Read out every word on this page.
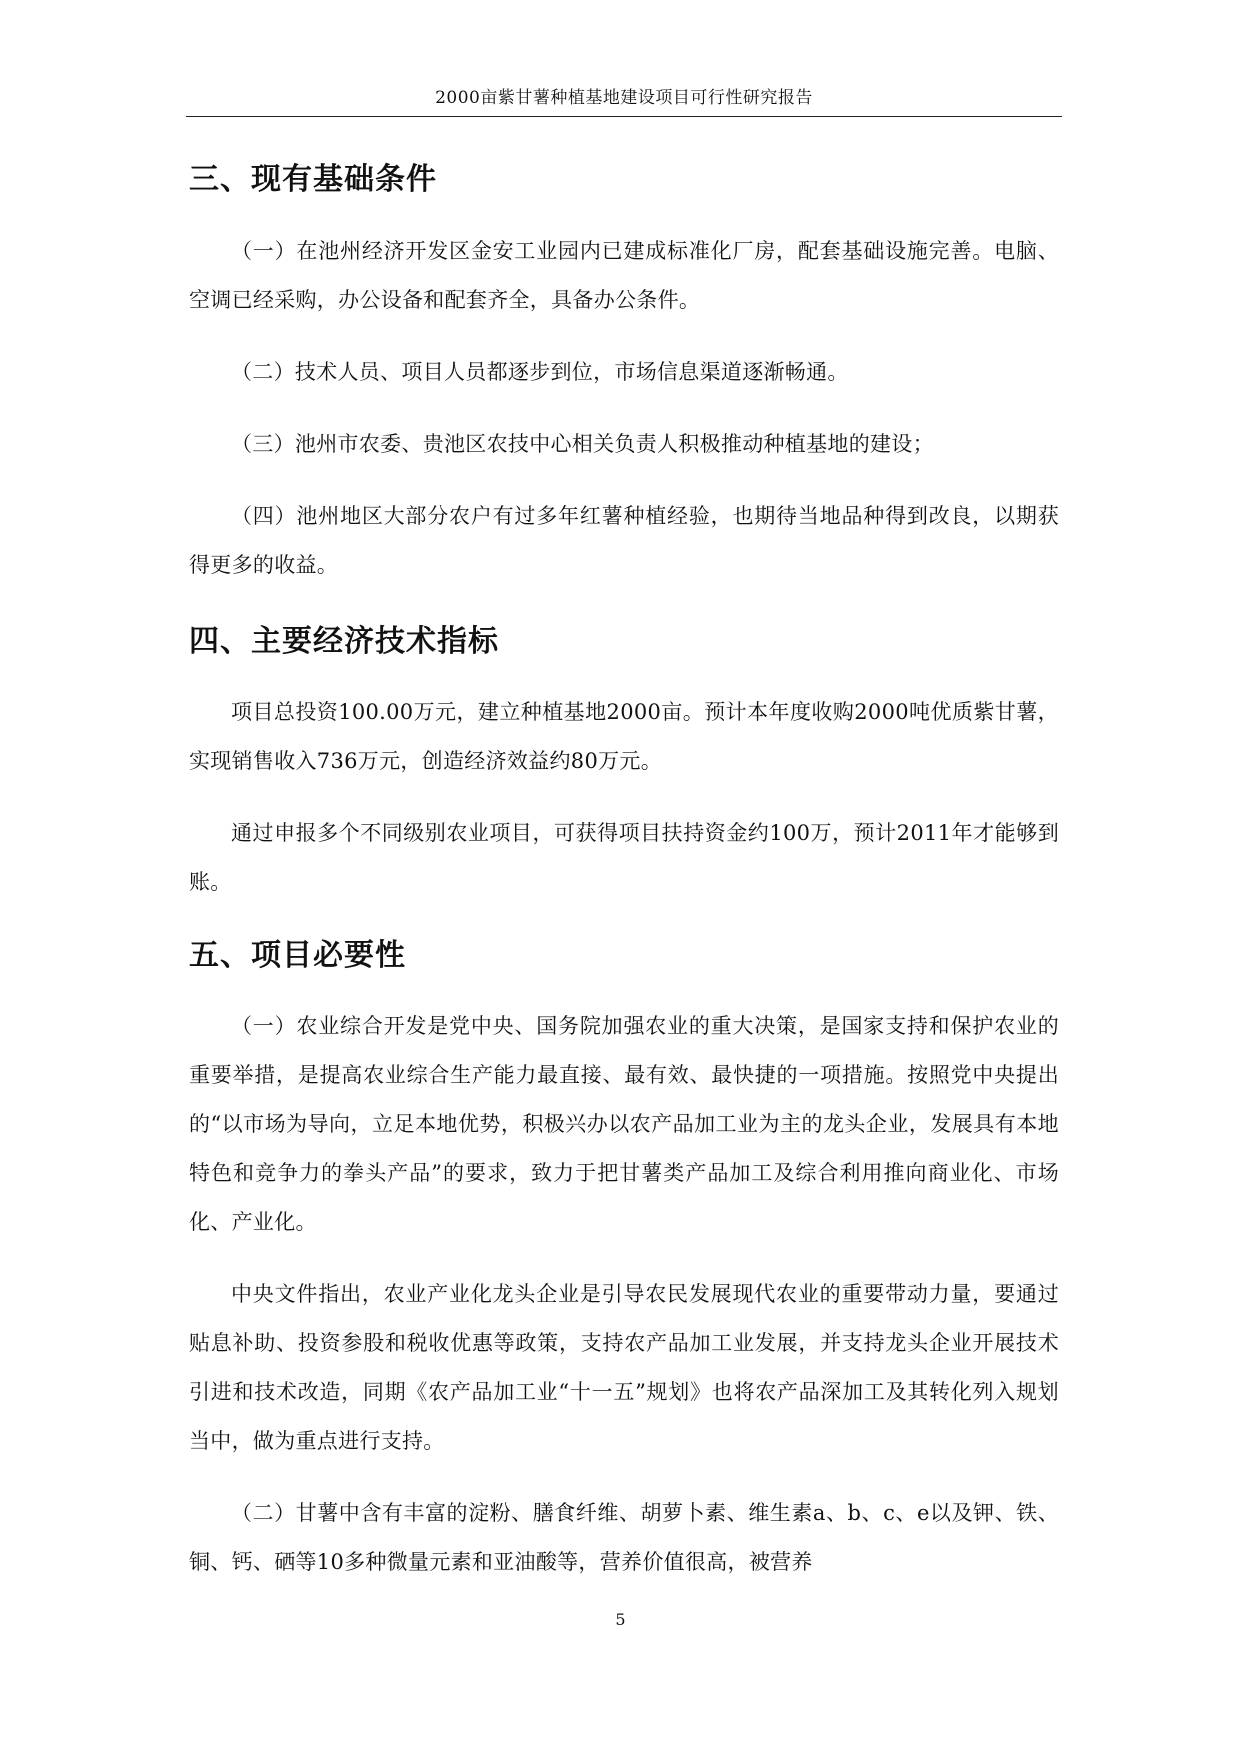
2000亩紫甘薯种植基地建设项目可行性研究报告
三、现有基础条件

（一）在池州经济开发区金安工业园内已建成标准化厂房，配套基础设施完善。电脑、空调已经采购，办公设备和配套齐全，具备办公条件。

（二）技术人员、项目人员都逐步到位，市场信息渠道逐渐畅通。

（三）池州市农委、贵池区农技中心相关负责人积极推动种植基地的建设；

（四）池州地区大部分农户有过多年红薯种植经验，也期待当地品种得到改良，以期获得更多的收益。

四、主要经济技术指标

项目总投资100.00万元，建立种植基地2000亩。预计本年度收购2000吨优质紫甘薯，实现销售收入736万元，创造经济效益约80万元。

通过申报多个不同级别农业项目，可获得项目扶持资金约100万，预计2011年才能够到账。

五、项目必要性

（一）农业综合开发是党中央、国务院加强农业的重大决策，是国家支持和保护农业的重要举措，是提高农业综合生产能力最直接、最有效、最快捷的一项措施。按照党中央提出的“以市场为导向，立足本地优势，积极兴办以农产品加工业为主的龙头企业，发展具有本地特色和竞争力的拳头产品”的要求，致力于把甘薯类产品加工及综合利用推向商业化、市场化、产业化。

中央文件指出，农业产业化龙头企业是引导农民发展现代农业的重要带动力量，要通过贴息补助、投资参股和税收优惠等政策，支持农产品加工业发展，并支持龙头企业开展技术引进和技术改造，同期《农产品加工业“十一五”规划》也将农产品深加工及其转化列入规划当中，做为重点进行支持。

（二）甘薯中含有丰富的淀粉、膳食纤维、胡萝卜素、维生素a、b、c、e以及钾、铁、铜、钙、硒等10多种微量元素和亚油酸等，营养价值很高，被营养

5
